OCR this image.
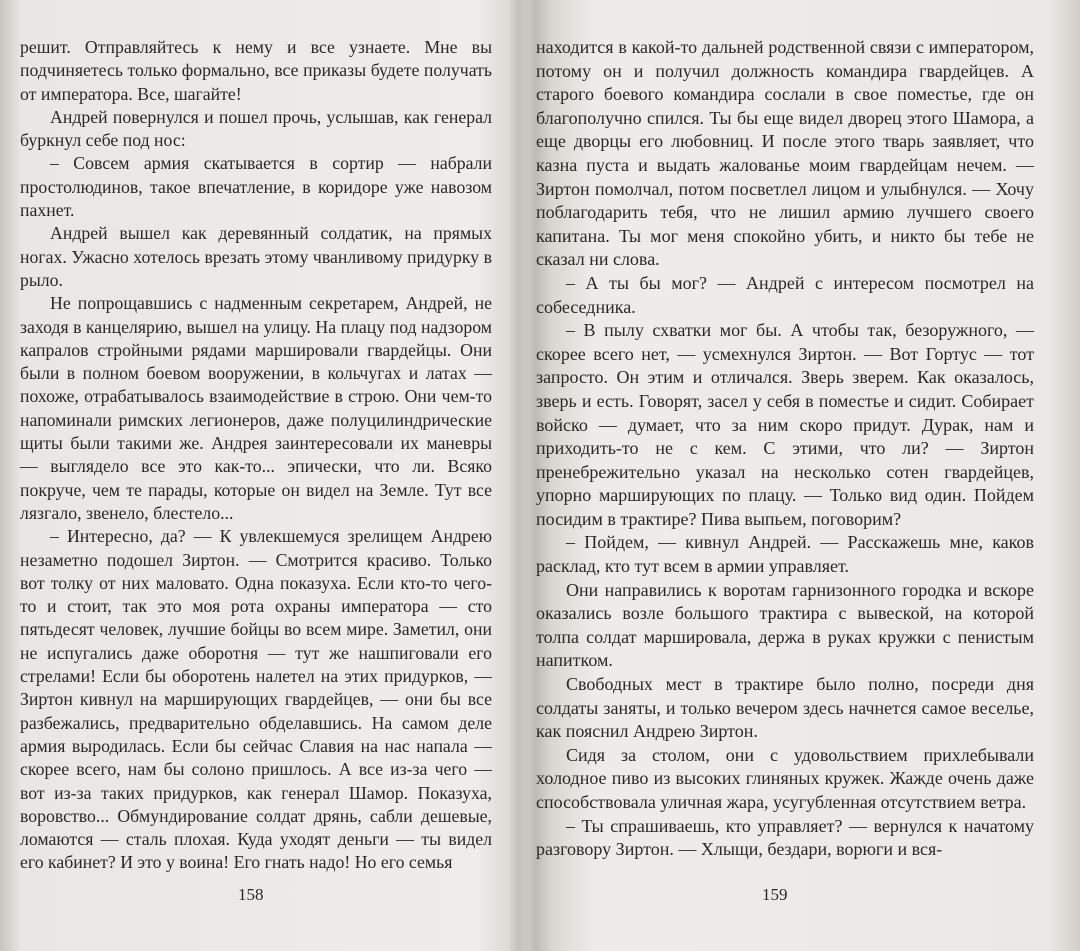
решит. Отправляйтесь к нему и все узнаете. Мне вы подчиняетесь только формально, все приказы будете получать от императора. Все, шагайте!

Андрей повернулся и пошел прочь, услышав, как генерал буркнул себе под нос:

– Совсем армия скатывается в сортир — набрали простолюдинов, такое впечатление, в коридоре уже навозом пахнет.

Андрей вышел как деревянный солдатик, на прямых ногах. Ужасно хотелось врезать этому чванливому придурку в рыло.

Не попрощавшись с надменным секретарем, Андрей, не заходя в канцелярию, вышел на улицу. На плацу под надзором капралов стройными рядами маршировали гвардейцы. Они были в полном боевом вооружении, в кольчугах и латах — похоже, отрабатывалось взаимодействие в строю. Они чем-то напоминали римских легионеров, даже полуцилиндрические щиты были такими же. Андрея заинтересовали их маневры — выглядело все это как-то... эпически, что ли. Всяко покруче, чем те парады, которые он видел на Земле. Тут все лязгало, звенело, блестело...

– Интересно, да? — К увлекшемуся зрелищем Андрею незаметно подошел Зиртон. — Смотрится красиво. Только вот толку от них маловато. Одна показуха. Если кто-то чего-то и стоит, так это моя рота охраны императора — сто пятьдесят человек, лучшие бойцы во всем мире. Заметил, они не испугались даже оборотня — тут же нашпиговали его стрелами! Если бы оборотень налетел на этих придурков, — Зиртон кивнул на марширующих гвардейцев, — они бы все разбежались, предварительно обделавшись. На самом деле армия выродилась. Если бы сейчас Славия на нас напала — скорее всего, нам бы солоно пришлось. А все из-за чего — вот из-за таких придурков, как генерал Шамор. Показуха, воровство... Обмундирование солдат дрянь, сабли дешевые, ломаются — сталь плохая. Куда уходят деньги — ты видел его кабинет? И это у воина! Его гнать надо! Но его семья

158

находится в какой-то дальней родственной связи с императором, потому он и получил должность командира гвардейцев. А старого боевого командира сослали в свое поместье, где он благополучно спился. Ты бы еще видел дворец этого Шамора, а еще дворцы его любовниц. И после этого тварь заявляет, что казна пуста и выдать жалованье моим гвардейцам нечем. — Зиртон помолчал, потом посветлел лицом и улыбнулся. — Хочу поблагодарить тебя, что не лишил армию лучшего своего капитана. Ты мог меня спокойно убить, и никто бы тебе не сказал ни слова.

– А ты бы мог? — Андрей с интересом посмотрел на собеседника.

– В пылу схватки мог бы. А чтобы так, безоружного, — скорее всего нет, — усмехнулся Зиртон. — Вот Гортус — тот запросто. Он этим и отличался. Зверь зверем. Как оказалось, зверь и есть. Говорят, засел у себя в поместье и сидит. Собирает войско — думает, что за ним скоро придут. Дурак, нам и приходить-то не с кем. С этими, что ли? — Зиртон пренебрежительно указал на несколько сотен гвардейцев, упорно марширующих по плацу. — Только вид один. Пойдем посидим в трактире? Пива выпьем, поговорим?

– Пойдем, — кивнул Андрей. — Расскажешь мне, каков расклад, кто тут всем в армии управляет.

Они направились к воротам гарнизонного городка и вскоре оказались возле большого трактира с вывеской, на которой толпа солдат маршировала, держа в руках кружки с пенистым напитком.

Свободных мест в трактире было полно, посреди дня солдаты заняты, и только вечером здесь начнется самое веселье, как пояснил Андрею Зиртон.

Сидя за столом, они с удовольствием прихлебывали холодное пиво из высоких глиняных кружек. Жажде очень даже способствовала уличная жара, усугубленная отсутствием ветра.

– Ты спрашиваешь, кто управляет? — вернулся к начатому разговору Зиртон. — Хлыщи, бездари, ворюги и вся-

159
